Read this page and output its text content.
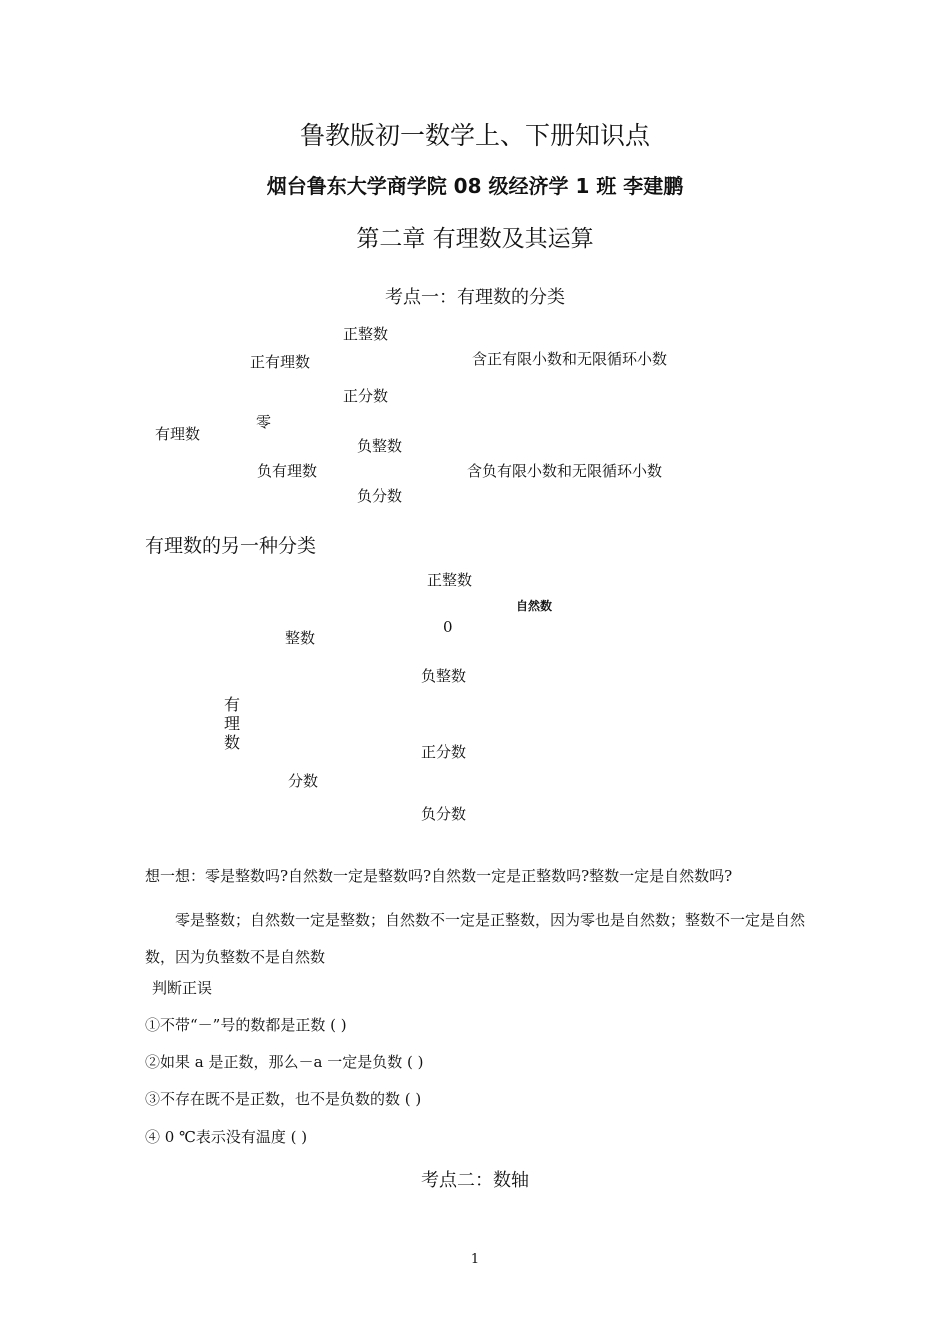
鲁教版初一数学上、下册知识点
烟台鲁东大学商学院 08 级经济学 1 班 李建鹏
第二章 有理数及其运算
考点一：有理数的分类
正整数
正有理数	含正有限小数和无限循环小数
正分数
零
有理数
负整数
负有理数	含负有限小数和无限循环小数
负分数
有理数的另一种分类
正整数
自然数
0
整数
负整数
有理数	正分数
分数
负分数
想一想：零是整数吗?自然数一定是整数吗?自然数一定是正整数吗?整数一定是自然数吗?
零是整数；自然数一定是整数；自然数不一定是正整数，因为零也是自然数；整数不一定是自然数，因为负整数不是自然数
判断正误
①不带“－”号的数都是正数 ( )
②如果 a 是正数，那么－a 一定是负数 ( )
③不存在既不是正数，也不是负数的数 ( )
④ 0 ℃表示没有温度 ( )
考点二：数轴
1
